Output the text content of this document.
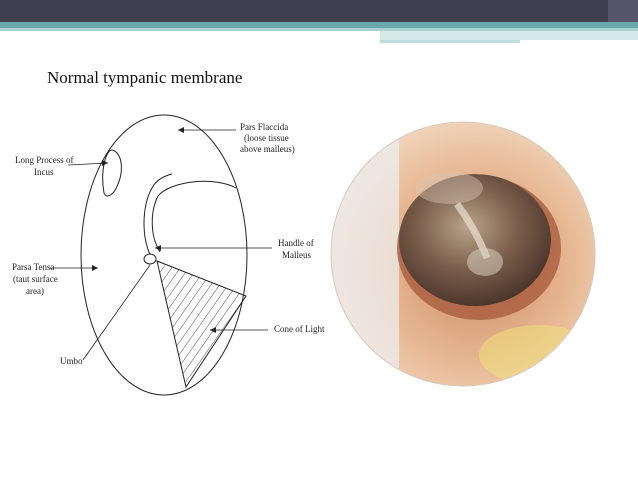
Normal tympanic membrane
Pars Flaccida (loose tissue above malleus)
Long Process of Incus
Handle of Malleus
Parsa Tensa (taut surface area)
Cone of Light
Umbo
